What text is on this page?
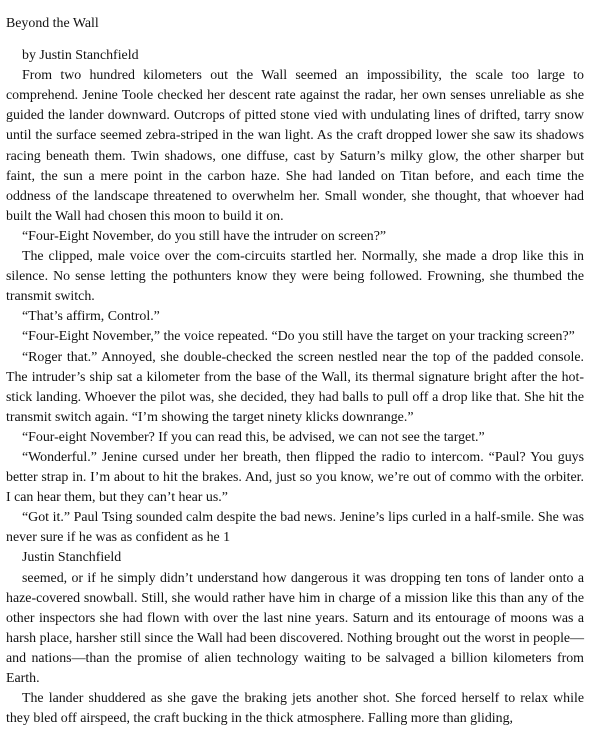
Beyond the Wall
by Justin Stanchfield
From two hundred kilometers out the Wall seemed an impossibility, the scale too large to comprehend. Jenine Toole checked her descent rate against the radar, her own senses unreliable as she guided the lander downward. Outcrops of pitted stone vied with undulating lines of drifted, tarry snow until the surface seemed zebra-striped in the wan light. As the craft dropped lower she saw its shadows racing beneath them. Twin shadows, one diffuse, cast by Saturn’s milky glow, the other sharper but faint, the sun a mere point in the carbon haze. She had landed on Titan before, and each time the oddness of the landscape threatened to overwhelm her. Small wonder, she thought, that whoever had built the Wall had chosen this moon to build it on.
“Four-Eight November, do you still have the intruder on screen?”
The clipped, male voice over the com-circuits startled her. Normally, she made a drop like this in silence. No sense letting the pothunters know they were being followed. Frowning, she thumbed the transmit switch.
“That’s affirm, Control.”
“Four-Eight November,” the voice repeated. “Do you still have the target on your tracking screen?”
“Roger that.” Annoyed, she double-checked the screen nestled near the top of the padded console. The intruder’s ship sat a kilometer from the base of the Wall, its thermal signature bright after the hot-stick landing. Whoever the pilot was, she decided, they had balls to pull off a drop like that. She hit the transmit switch again. “I’m showing the target ninety klicks downrange.”
“Four-eight November? If you can read this, be advised, we can not see the target.”
“Wonderful.” Jenine cursed under her breath, then flipped the radio to intercom. “Paul? You guys better strap in. I’m about to hit the brakes. And, just so you know, we’re out of commo with the orbiter. I can hear them, but they can’t hear us.”
“Got it.” Paul Tsing sounded calm despite the bad news. Jenine’s lips curled in a half-smile. She was never sure if he was as confident as he 1
Justin Stanchfield
seemed, or if he simply didn’t understand how dangerous it was dropping ten tons of lander onto a haze-covered snowball. Still, she would rather have him in charge of a mission like this than any of the other inspectors she had flown with over the last nine years. Saturn and its entourage of moons was a harsh place, harsher still since the Wall had been discovered. Nothing brought out the worst in people—and nations—than the promise of alien technology waiting to be salvaged a billion kilometers from Earth.
The lander shuddered as she gave the braking jets another shot. She forced herself to relax while they bled off airspeed, the craft bucking in the thick atmosphere. Falling more than gliding,
